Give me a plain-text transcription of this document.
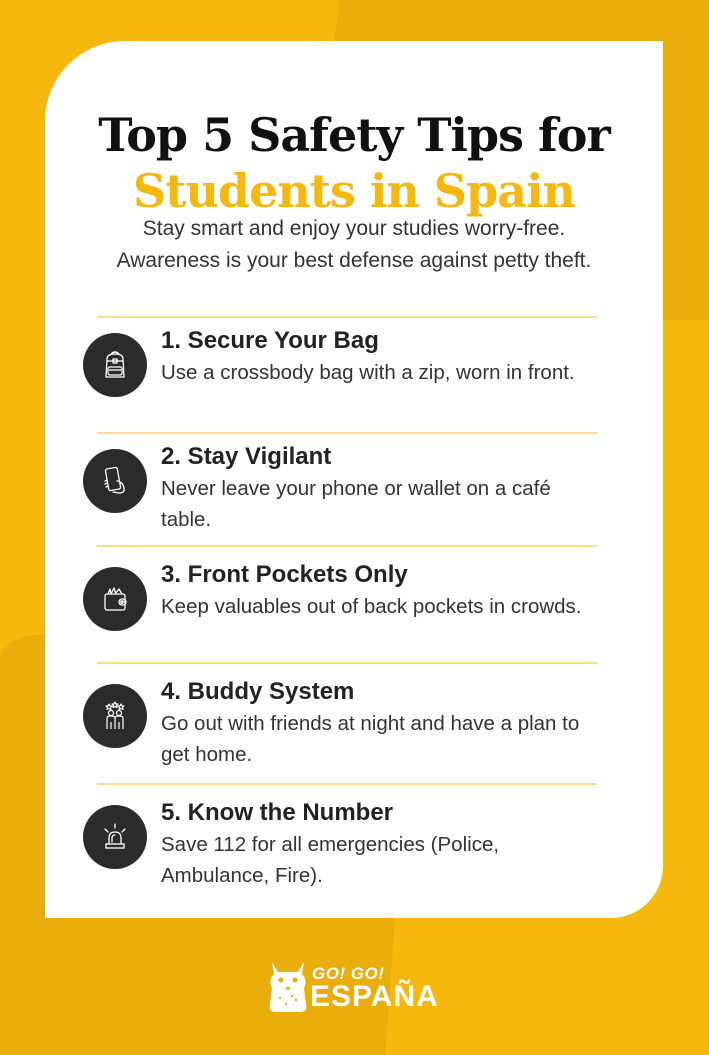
Top 5 Safety Tips for
Students in Spain
Stay smart and enjoy your studies worry-free.
Awareness is your best defense against petty theft.
1. Secure Your Bag
Use a crossbody bag with a zip, worn in front.
2. Stay Vigilant
Never leave your phone or wallet on a café table.
3. Front Pockets Only
Keep valuables out of back pockets in crowds.
4. Buddy System
Go out with friends at night and have a plan to get home.
5. Know the Number
Save 112 for all emergencies (Police, Ambulance, Fire).
GO! GO!
ESPAÑA
